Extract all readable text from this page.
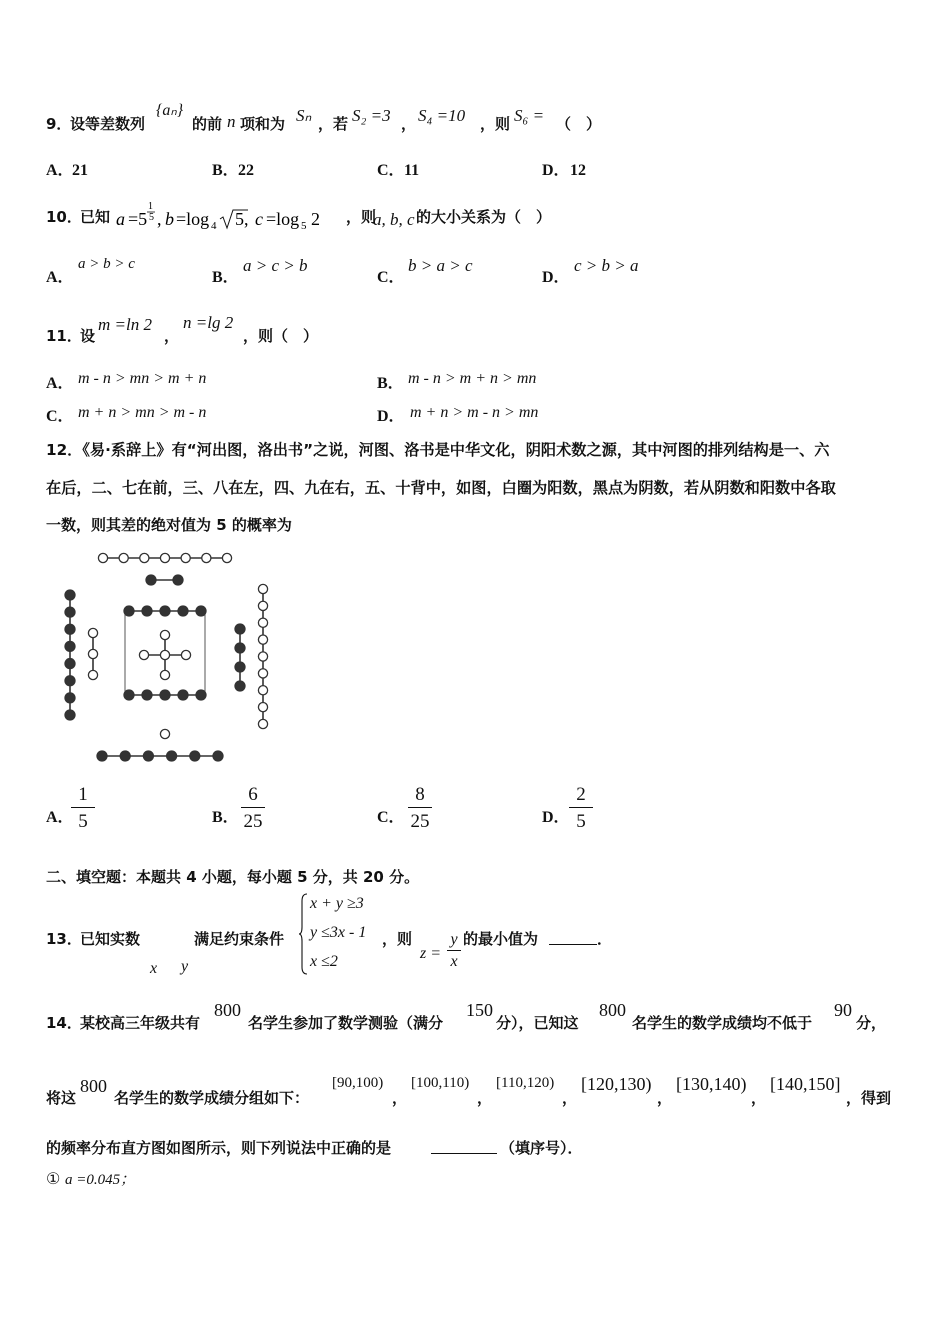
9．
设等差数列
{aₙ}
的前 n 项和为 Sₙ ，若 S₂ =3 ， S₄ =10 ，则 S₆ = （　）
A．
21	B． 22	C． 11	D． 12
10．
已知 a =5
1
5 , b =log 4 5, c =log 5 2 ，则
a, b, c 的大小关系为（　）
A．
a > b > c
B．
a > c > b
C．
b > a > c
D．
c > b > a
11．
设
m =ln 2
，
n =lg 2
，则（　）
A． m - n > mn > m + n	B． m - n > m + n > mn
C． m + n > mn > m - n	D． m + n > m - n > mn
12．《易·系辞上》有“河出图，洛出书”之说，河图、洛书是中华文化，阴阳术数之源，其中河图的排列结构是一、六
在后，二、七在前，三、八在左，四、九在右，五、十背中，如图，白圈为阳数，黑点为阴数，若从阴数和阳数中各取
一数，则其差的绝对值为 5 的概率为
A．
$\frac{1}{5}$	B． $\frac{6}{25}$	C． $\frac{8}{25}$	D． $\frac{2}{5}$
二、填空题：本题共 4 小题，每小题 5 分，共 20 分。
13．
已知实数
x y
满足约束条件
x + y ≥3
y ≤3x - 1
x ≤2
，则
$z = \frac{y}{x}$ 的最小值为	．
14．
某校高三年级共有
800
名学生参加了数学测验（满分
150
分），已知这
800
名学生的数学成绩均不低于
90
分，
将这
800
名学生的数学成绩分组如下：
[90,100)
，
[100,110)
，
[110,120)
，
[120,130)
，
[130,140)
，
[140,150]
，得到
的频率分布直方图如图所示，则下列说法中正确的是	（填序号）．
① a =0.045；
